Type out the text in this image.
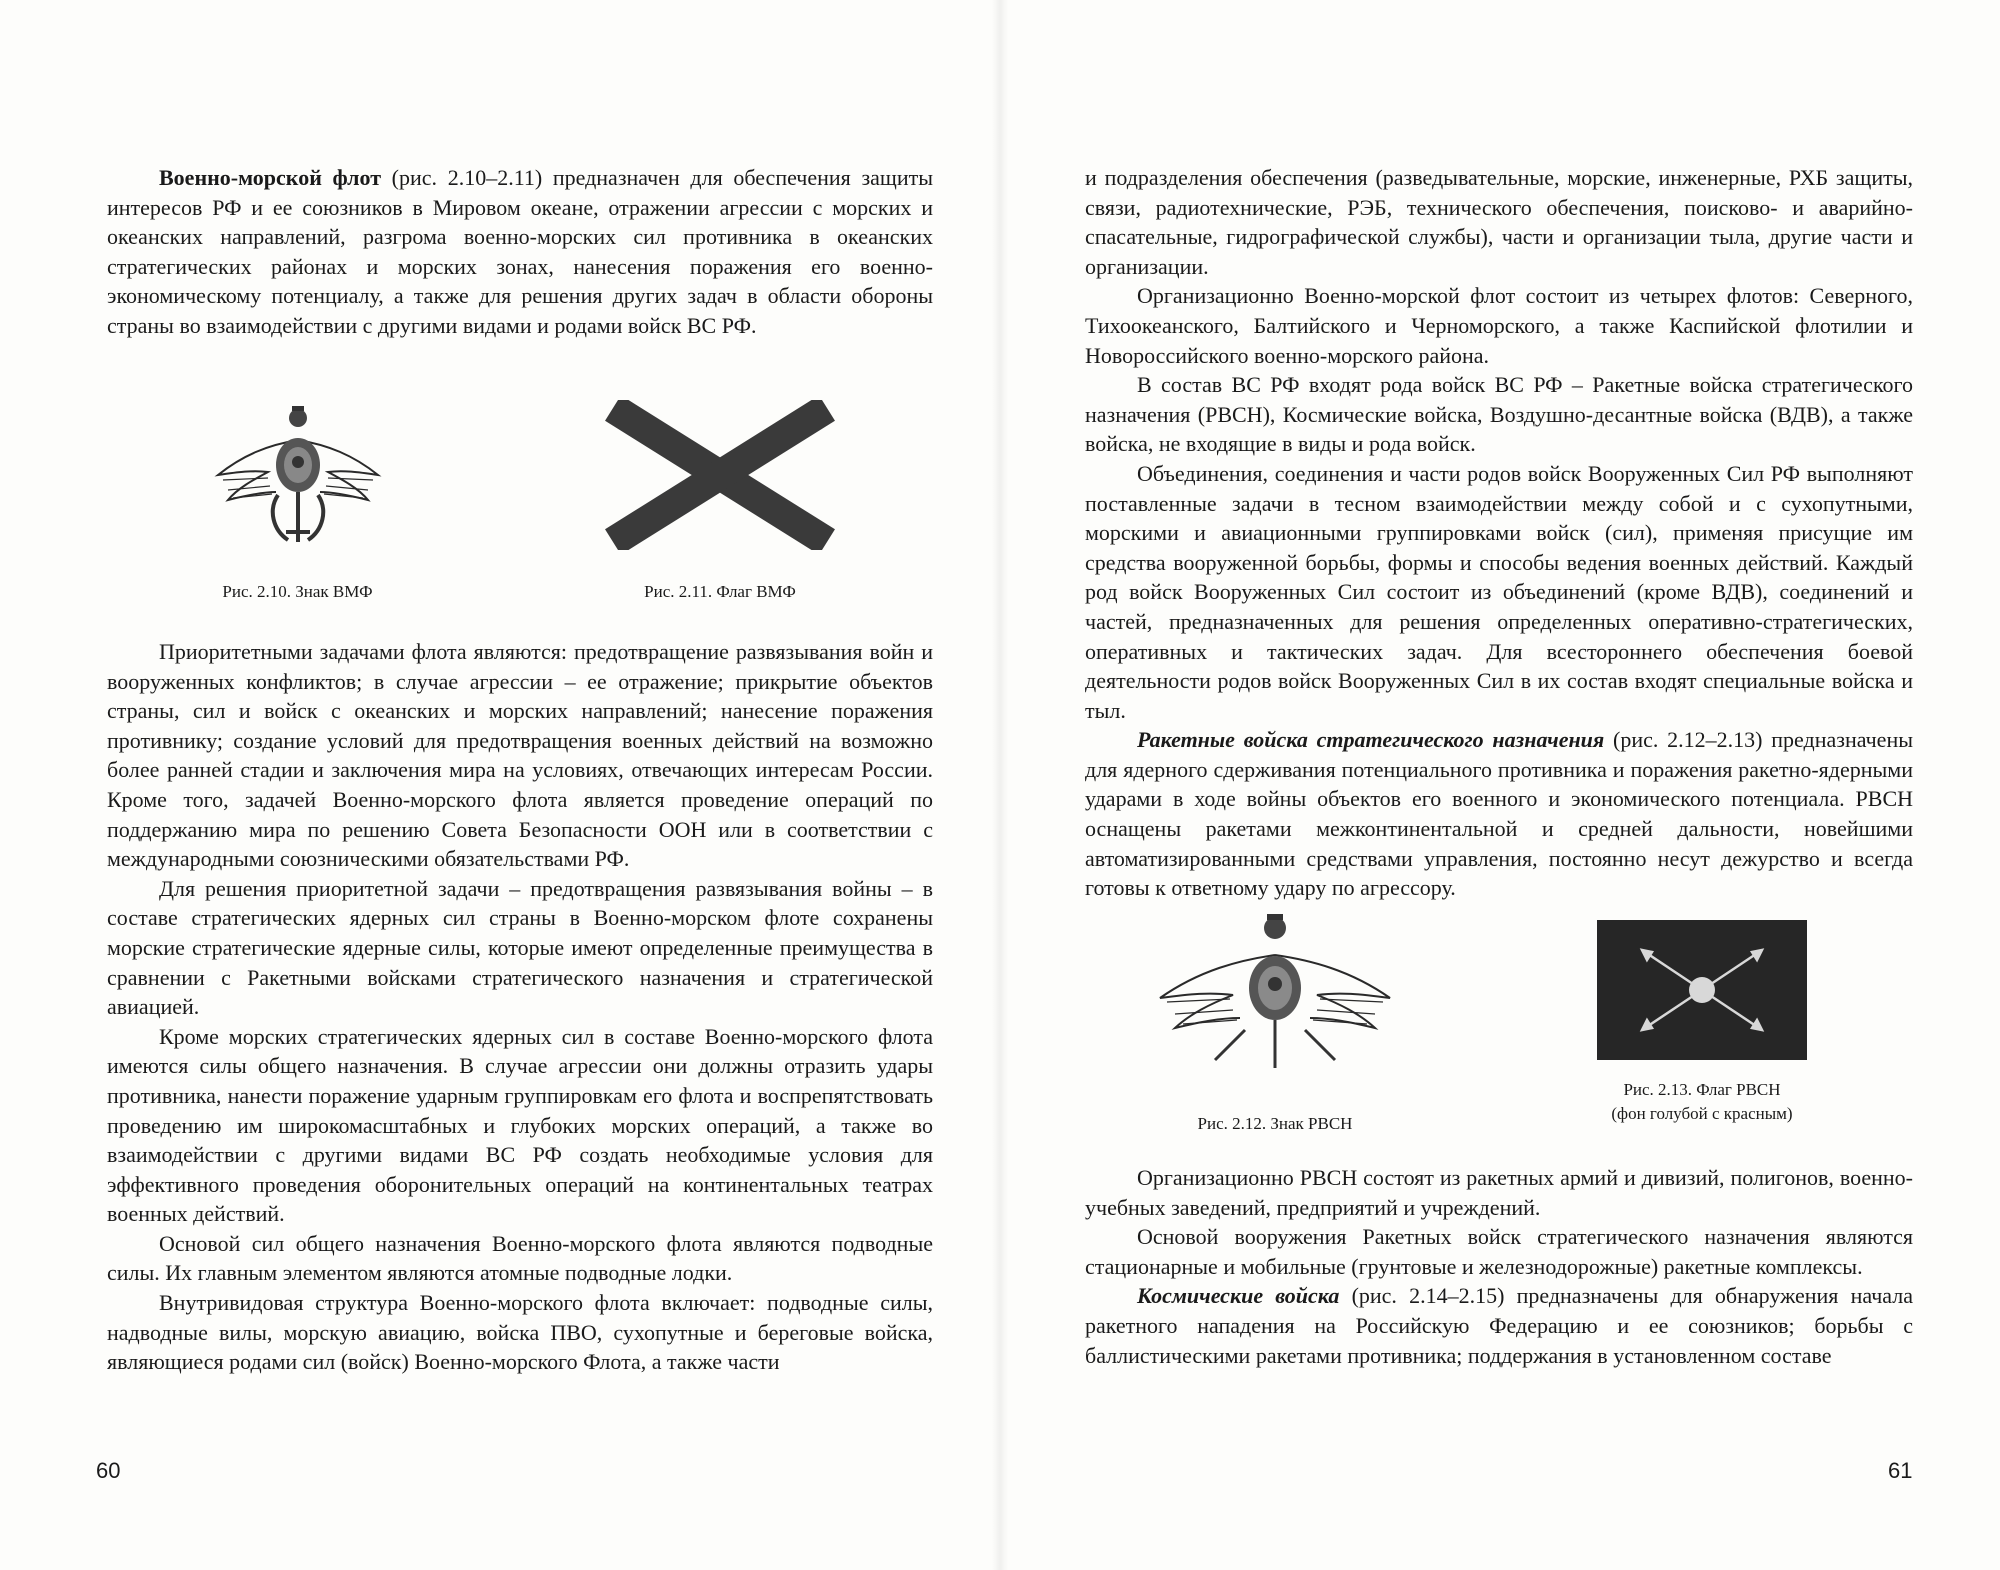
Военно-морской флот (рис. 2.10–2.11) предназначен для обеспечения защиты интересов РФ и ее союзников в Мировом океане, отражении агрессии с морских и океанских направлений, разгрома военно-морских сил противника в океанских стратегических районах и морских зонах, нанесения поражения его военно-экономическому потенциалу, а также для решения других задач в области обороны страны во взаимодействии с другими видами и родами войск ВС РФ.

Рис. 2.10. Знак ВМФ	Рис. 2.11. Флаг ВМФ

Приоритетными задачами флота являются: предотвращение развязывания войн и вооруженных конфликтов; в случае агрессии – ее отражение; прикрытие объектов страны, сил и войск с океанских и морских направлений; нанесение поражения противнику; создание условий для предотвращения военных действий на возможно более ранней стадии и заключения мира на условиях, отвечающих интересам России. Кроме того, задачей Военно-морского флота является проведение операций по поддержанию мира по решению Совета Безопасности ООН или в соответствии с международными союзническими обязательствами РФ.

Для решения приоритетной задачи – предотвращения развязывания войны – в составе стратегических ядерных сил страны в Военно-морском флоте сохранены морские стратегические ядерные силы, которые имеют определенные преимущества в сравнении с Ракетными войсками стратегического назначения и стратегической авиацией.

Кроме морских стратегических ядерных сил в составе Военно-морского флота имеются силы общего назначения. В случае агрессии они должны отразить удары противника, нанести поражение ударным группировкам его флота и воспрепятствовать проведению им широкомасштабных и глубоких морских операций, а также во взаимодействии с другими видами ВС РФ создать необходимые условия для эффективного проведения оборонительных операций на континентальных театрах военных действий.

Основой сил общего назначения Военно-морского флота являются подводные силы. Их главным элементом являются атомные подводные лодки.

Внутривидовая структура Военно-морского флота включает: подводные силы, надводные вилы, морскую авиацию, войска ПВО, сухопутные и береговые войска, являющиеся родами сил (войск) Военно-морского Флота, а также части

60

и подразделения обеспечения (разведывательные, морские, инженерные, РХБ защиты, связи, радиотехнические, РЭБ, технического обеспечения, поисково- и аварийно-спасательные, гидрографической службы), части и организации тыла, другие части и организации.

Организационно Военно-морской флот состоит из четырех флотов: Северного, Тихоокеанского, Балтийского и Черноморского, а также Каспийской флотилии и Новороссийского военно-морского района.

В состав ВС РФ входят рода войск ВС РФ – Ракетные войска стратегического назначения (РВСН), Космические войска, Воздушно-десантные войска (ВДВ), а также войска, не входящие в виды и рода войск.

Объединения, соединения и части родов войск Вооруженных Сил РФ выполняют поставленные задачи в тесном взаимодействии между собой и с сухопутными, морскими и авиационными группировками войск (сил), применяя присущие им средства вооруженной борьбы, формы и способы ведения военных действий. Каждый род войск Вооруженных Сил состоит из объединений (кроме ВДВ), соединений и частей, предназначенных для решения определенных оперативно-стратегических, оперативных и тактических задач. Для всестороннего обеспечения боевой деятельности родов войск Вооруженных Сил в их состав входят специальные войска и тыл.

Ракетные войска стратегического назначения (рис. 2.12–2.13) предназначены для ядерного сдерживания потенциального противника и поражения ракетно-ядерными ударами в ходе войны объектов его военного и экономического потенциала. РВСН оснащены ракетами межконтинентальной и средней дальности, новейшими автоматизированными средствами управления, постоянно несут дежурство и всегда готовы к ответному удару по агрессору.

Рис. 2.12. Знак РВСН
Рис. 2.13. Флаг РВСН
(фон голубой с красным)

Организационно РВСН состоят из ракетных армий и дивизий, полигонов, военно-учебных заведений, предприятий и учреждений.

Основой вооружения Ракетных войск стратегического назначения являются стационарные и мобильные (грунтовые и железнодорожные) ракетные комплексы.

Космические войска (рис. 2.14–2.15) предназначены для обнаружения начала ракетного нападения на Российскую Федерацию и ее союзников; борьбы с баллистическими ракетами противника; поддержания в установленном составе

61
